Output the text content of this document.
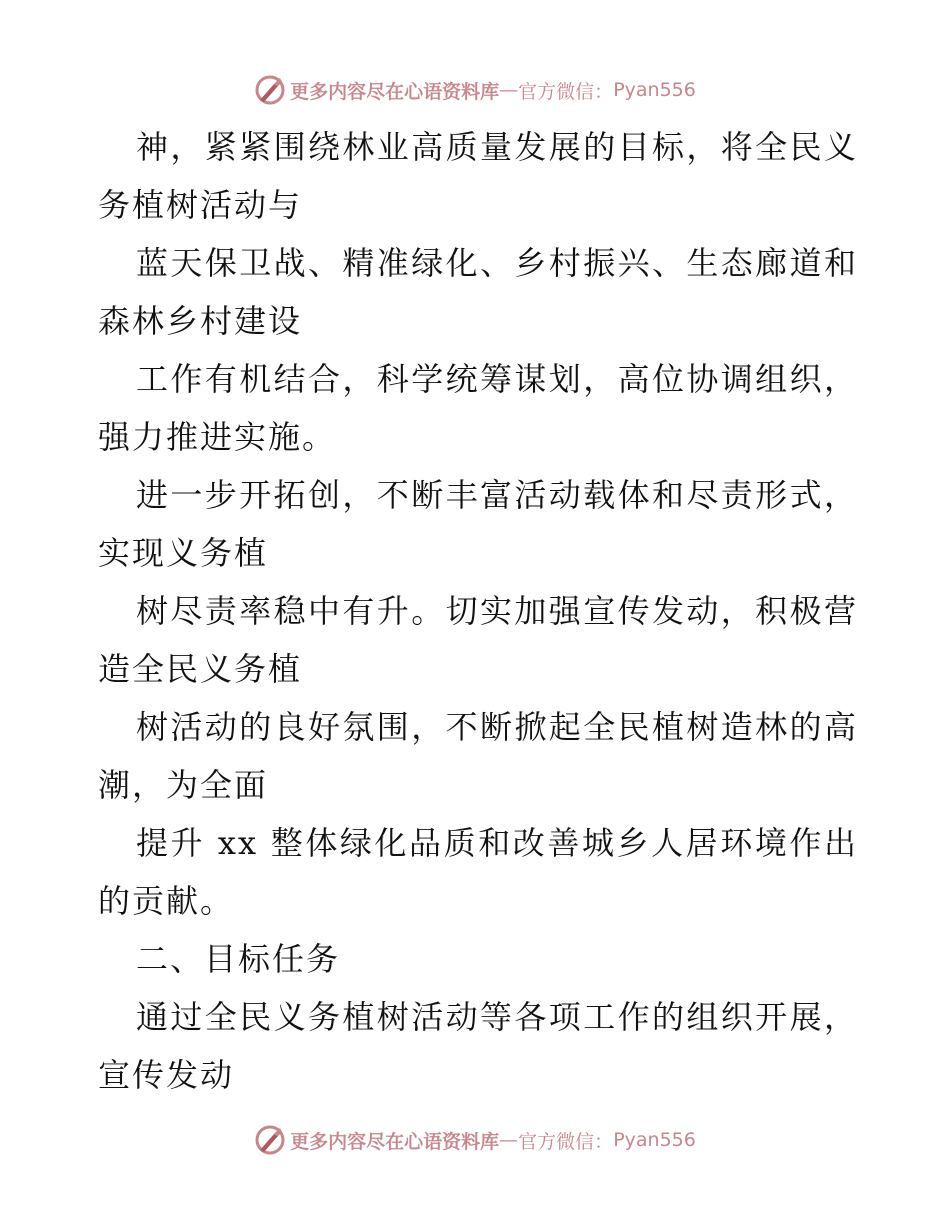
更多内容尽在心语资料库 — 官方微信： Pyan556

神，紧紧围绕林业高质量发展的目标，将全民义务植树活动与

蓝天保卫战、精准绿化、乡村振兴、生态廊道和森林乡村建设

工作有机结合，科学统筹谋划，高位协调组织，强力推进实施。

进一步开拓创，不断丰富活动载体和尽责形式，实现义务植

树尽责率稳中有升。切实加强宣传发动，积极营造全民义务植

树活动的良好氛围，不断掀起全民植树造林的高潮，为全面

提升 xx 整体绿化品质和改善城乡人居环境作出的贡献。

二、目标任务

通过全民义务植树活动等各项工作的组织开展，宣传发动

更多内容尽在心语资料库 — 官方微信： Pyan556
